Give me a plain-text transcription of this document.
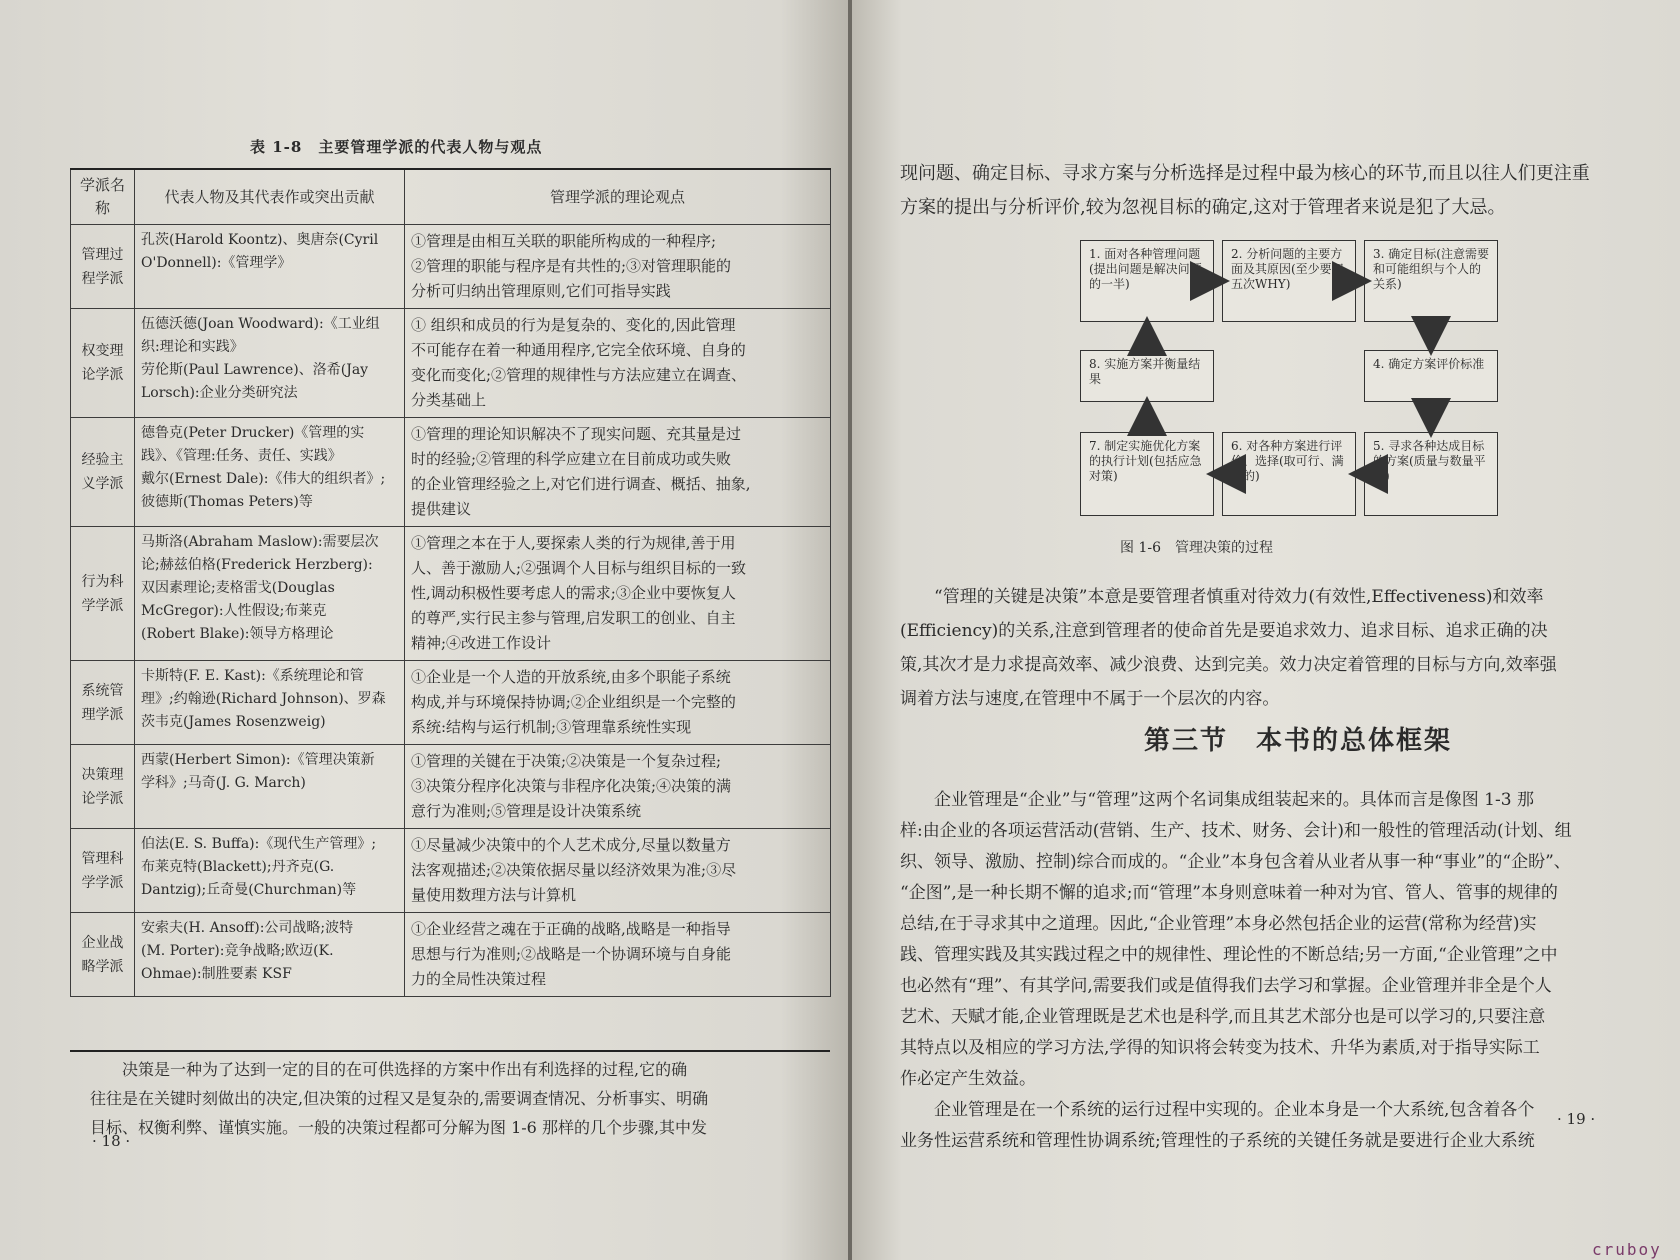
表 1-8　主要管理学派的代表人物与观点
学派名称	代表人物及其代表作或突出贡献	管理学派的理论观点

管理过
程学派	孔茨(Harold Koontz)、奥唐奈(Cyril
O'Donnell):《管理学》	①管理是由相互关联的职能所构成的一种程序;
②管理的职能与程序是有共性的;③对管理职能的
分析可归纳出管理原则,它们可指导实践

权变理
论学派	伍德沃德(Joan Woodward):《工业组
织:理论和实践》
劳伦斯(Paul Lawrence)、洛希(Jay
Lorsch):企业分类研究法	① 组织和成员的行为是复杂的、变化的,因此管理
不可能存在着一种通用程序,它完全依环境、自身的
变化而变化;②管理的规律性与方法应建立在调查、
分类基础上

经验主
义学派	德鲁克(Peter Drucker)《管理的实
践》、《管理:任务、责任、实践》
戴尔(Ernest Dale):《伟大的组织者》;
彼德斯(Thomas Peters)等	①管理的理论知识解决不了现实问题、充其量是过
时的经验;②管理的科学应建立在目前成功或失败
的企业管理经验之上,对它们进行调查、概括、抽象,
提供建议

行为科
学学派	马斯洛(Abraham Maslow):需要层次
论;赫兹伯格(Frederick Herzberg):
双因素理论;麦格雷戈(Douglas
McGregor):人性假设;布莱克
(Robert Blake):领导方格理论	①管理之本在于人,要探索人类的行为规律,善于用
人、善于激励人;②强调个人目标与组织目标的一致
性,调动积极性要考虑人的需求;③企业中要恢复人
的尊严,实行民主参与管理,启发职工的创业、自主
精神;④改进工作设计

系统管
理学派	卡斯特(F. E. Kast):《系统理论和管
理》;约翰逊(Richard Johnson)、罗森
茨韦克(James Rosenzweig)	①企业是一个人造的开放系统,由多个职能子系统
构成,并与环境保持协调;②企业组织是一个完整的
系统:结构与运行机制;③管理靠系统性实现

决策理
论学派	西蒙(Herbert Simon):《管理决策新
学科》;马奇(J. G. March)	①管理的关键在于决策;②决策是一个复杂过程;
③决策分程序化决策与非程序化决策;④决策的满
意行为准则;⑤管理是设计决策系统

管理科
学学派	伯法(E. S. Buffa):《现代生产管理》;
布莱克特(Blackett);丹齐克(G.
Dantzig);丘奇曼(Churchman)等	①尽量减少决策中的个人艺术成分,尽量以数量方
法客观描述;②决策依据尽量以经济效果为准;③尽
量使用数理方法与计算机

企业战
略学派	安索夫(H. Ansoff):公司战略;波特
(M. Porter):竞争战略;欧迈(K.
Ohmae):制胜要素 KSF	①企业经营之魂在于正确的战略,战略是一种指导
思想与行为准则;②战略是一个协调环境与自身能
力的全局性决策过程
决策是一种为了达到一定的目的在可供选择的方案中作出有利选择的过程,它的确
往往是在关键时刻做出的决定,但决策的过程又是复杂的,需要调查情况、分析事实、明确
目标、权衡利弊、谨慎实施。一般的决策过程都可分解为图 1-6 那样的几个步骤,其中发
· 18 ·
现问题、确定目标、寻求方案与分析选择是过程中最为核心的环节,而且以往人们更注重
方案的提出与分析评价,较为忽视目标的确定,这对于管理者来说是犯了大忌。
1. 面对各种管理问题(提出问题是解决问题的一半)
2. 分析问题的主要方面及其原因(至少要问五次WHY)
3. 确定目标(注意需要和可能组织与个人的关系)
4. 确定方案评价标准
5. 寻求各种达成目标的方案(质量与数量平衡)
6. 对各种方案进行评价、选择(取可行、满意的)
7. 制定实施优化方案的执行计划(包括应急对策)
8. 实施方案并衡量结果
图 1-6　管理决策的过程
“管理的关键是决策”本意是要管理者慎重对待效力(有效性,Effectiveness)和效率
(Efficiency)的关系,注意到管理者的使命首先是要追求效力、追求目标、追求正确的决
策,其次才是力求提高效率、减少浪费、达到完美。效力决定着管理的目标与方向,效率强
调着方法与速度,在管理中不属于一个层次的内容。
第三节　本书的总体框架
企业管理是“企业”与“管理”这两个名词集成组装起来的。具体而言是像图 1-3 那
样:由企业的各项运营活动(营销、生产、技术、财务、会计)和一般性的管理活动(计划、组
织、领导、激励、控制)综合而成的。“企业”本身包含着从业者从事一种“事业”的“企盼”、
“企图”,是一种长期不懈的追求;而“管理”本身则意味着一种对为官、管人、管事的规律的
总结,在于寻求其中之道理。因此,“企业管理”本身必然包括企业的运营(常称为经营)实
践、管理实践及其实践过程之中的规律性、理论性的不断总结;另一方面,“企业管理”之中
也必然有“理”、有其学问,需要我们或是值得我们去学习和掌握。企业管理并非全是个人
艺术、天赋才能,企业管理既是艺术也是科学,而且其艺术部分也是可以学习的,只要注意
其特点以及相应的学习方法,学得的知识将会转变为技术、升华为素质,对于指导实际工
作必定产生效益。
企业管理是在一个系统的运行过程中实现的。企业本身是一个大系统,包含着各个
业务性运营系统和管理性协调系统;管理性的子系统的关键任务就是要进行企业大系统
· 19 ·
cruboy
